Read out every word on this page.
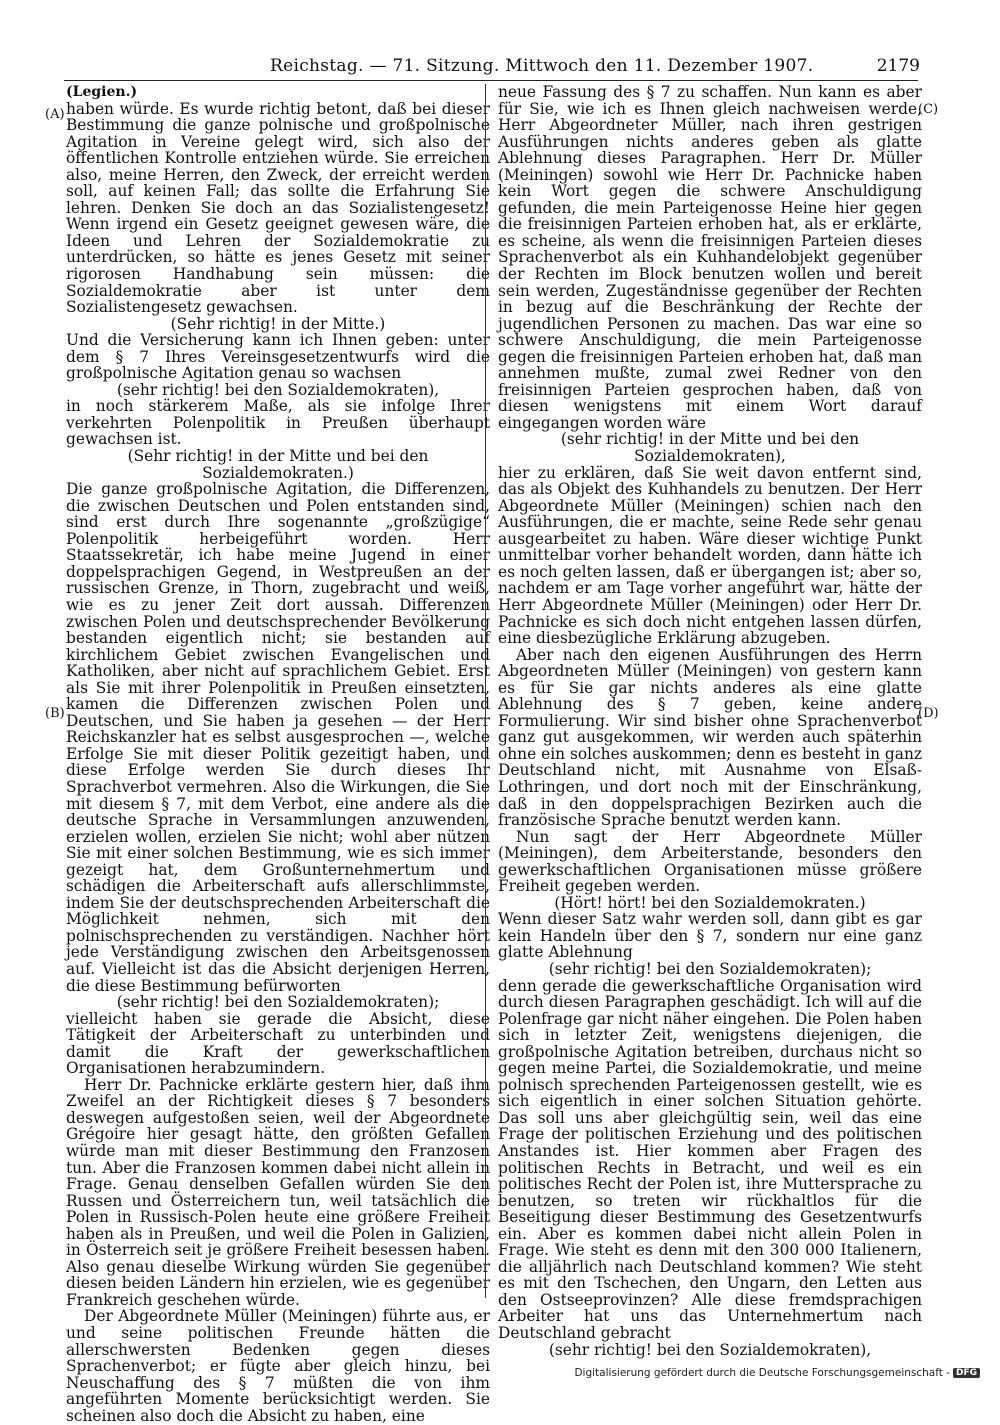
Reichstag. — 71. Sitzung. Mittwoch den 11. Dezember 1907.	2179
(A)
(B)
(C)
(D)

(Legien.)

haben würde. Es wurde richtig betont, daß bei dieser Bestimmung die ganze polnische und großpolnische Agitation in Vereine gelegt wird, sich also der öffentlichen Kontrolle entziehen würde. Sie erreichen also, meine Herren, den Zweck, der erreicht werden soll, auf keinen Fall; das sollte die Erfahrung Sie lehren. Denken Sie doch an das Sozialistengesetz! Wenn irgend ein Gesetz geeignet gewesen wäre, die Ideen und Lehren der Sozialdemokratie zu unterdrücken, so hätte es jenes Gesetz mit seiner rigorosen Handhabung sein müssen: die Sozialdemokratie aber ist unter dem Sozialistengesetz gewachsen.

(Sehr richtig! in der Mitte.)

Und die Versicherung kann ich Ihnen geben: unter dem § 7 Ihres Vereinsgesetzentwurfs wird die großpolnische Agitation genau so wachsen

(sehr richtig! bei den Sozialdemokraten),

in noch stärkerem Maße, als sie infolge Ihrer verkehrten Polenpolitik in Preußen überhaupt gewachsen ist.

(Sehr richtig! in der Mitte und bei den Sozialdemokraten.)

Die ganze großpolnische Agitation, die Differenzen, die zwischen Deutschen und Polen entstanden sind, sind erst durch Ihre sogenannte „großzügige“ Polenpolitik herbeigeführt worden. Herr Staatssekretär, ich habe meine Jugend in einer doppelsprachigen Gegend, in Westpreußen an der russischen Grenze, in Thorn, zugebracht und weiß, wie es zu jener Zeit dort aussah. Differenzen zwischen Polen und deutschsprechender Bevölkerung bestanden eigentlich nicht; sie bestanden auf kirchlichem Gebiet zwischen Evangelischen und Katholiken, aber nicht auf sprachlichem Gebiet. Erst als Sie mit ihrer Polenpolitik in Preußen einsetzten, kamen die Differenzen zwischen Polen und Deutschen, und Sie haben ja gesehen — der Herr Reichskanzler hat es selbst ausgesprochen —, welche Erfolge Sie mit dieser Politik gezeitigt haben, und diese Erfolge werden Sie durch dieses Ihr Sprachverbot vermehren. Also die Wirkungen, die Sie mit diesem § 7, mit dem Verbot, eine andere als die deutsche Sprache in Versammlungen anzuwenden, erzielen wollen, erzielen Sie nicht; wohl aber nützen Sie mit einer solchen Bestimmung, wie es sich immer gezeigt hat, dem Großunternehmertum und schädigen die Arbeiterschaft aufs allerschlimmste, indem Sie der deutschsprechenden Arbeiterschaft die Möglichkeit nehmen, sich mit den polnischsprechenden zu verständigen. Nachher hört jede Verständigung zwischen den Arbeitsgenossen auf. Vielleicht ist das die Absicht derjenigen Herren, die diese Bestimmung befürworten

(sehr richtig! bei den Sozialdemokraten);

vielleicht haben sie gerade die Absicht, diese Tätigkeit der Arbeiterschaft zu unterbinden und damit die Kraft der gewerkschaftlichen Organisationen herabzumindern.

Herr Dr. Pachnicke erklärte gestern hier, daß ihm Zweifel an der Richtigkeit dieses § 7 besonders deswegen aufgestoßen seien, weil der Abgeordnete Grégoire hier gesagt hätte, den größten Gefallen würde man mit dieser Bestimmung den Franzosen tun. Aber die Franzosen kommen dabei nicht allein in Frage. Genau denselben Gefallen würden Sie den Russen und Österreichern tun, weil tatsächlich die Polen in Russisch-Polen heute eine größere Freiheit haben als in Preußen, und weil die Polen in Galizien, in Österreich seit je größere Freiheit besessen haben. Also genau dieselbe Wirkung würden Sie gegenüber diesen beiden Ländern hin erzielen, wie es gegenüber Frankreich geschehen würde.

Der Abgeordnete Müller (Meiningen) führte aus, er und seine politischen Freunde hätten die allerschwersten Bedenken gegen dieses Sprachenverbot; er fügte aber gleich hinzu, bei Neuschaffung des § 7 müßten die von ihm angeführten Momente berücksichtigt werden. Sie scheinen also doch die Absicht zu haben, eine

neue Fassung des § 7 zu schaffen. Nun kann es aber für Sie, wie ich es Ihnen gleich nachweisen werde, Herr Abgeordneter Müller, nach ihren gestrigen Ausführungen nichts anderes geben als glatte Ablehnung dieses Paragraphen. Herr Dr. Müller (Meiningen) sowohl wie Herr Dr. Pachnicke haben kein Wort gegen die schwere Anschuldigung gefunden, die mein Parteigenosse Heine hier gegen die freisinnigen Parteien erhoben hat, als er erklärte, es scheine, als wenn die freisinnigen Parteien dieses Sprachenverbot als ein Kuhhandelobjekt gegenüber der Rechten im Block benutzen wollen und bereit sein werden, Zugeständnisse gegenüber der Rechten in bezug auf die Beschränkung der Rechte der jugendlichen Personen zu machen. Das war eine so schwere Anschuldigung, die mein Parteigenosse gegen die freisinnigen Parteien erhoben hat, daß man annehmen mußte, zumal zwei Redner von den freisinnigen Parteien gesprochen haben, daß von diesen wenigstens mit einem Wort darauf eingegangen worden wäre

(sehr richtig! in der Mitte und bei den Sozialdemokraten),

hier zu erklären, daß Sie weit davon entfernt sind, das als Objekt des Kuhhandels zu benutzen. Der Herr Abgeordnete Müller (Meiningen) schien nach den Ausführungen, die er machte, seine Rede sehr genau ausgearbeitet zu haben. Wäre dieser wichtige Punkt unmittelbar vorher behandelt worden, dann hätte ich es noch gelten lassen, daß er übergangen ist; aber so, nachdem er am Tage vorher angeführt war, hätte der Herr Abgeordnete Müller (Meiningen) oder Herr Dr. Pachnicke es sich doch nicht entgehen lassen dürfen, eine diesbezügliche Erklärung abzugeben.

Aber nach den eigenen Ausführungen des Herrn Abgeordneten Müller (Meiningen) von gestern kann es für Sie gar nichts anderes als eine glatte Ablehnung des § 7 geben, keine andere Formulierung. Wir sind bisher ohne Sprachenverbot ganz gut ausgekommen, wir werden auch späterhin ohne ein solches auskommen; denn es besteht in ganz Deutschland nicht, mit Ausnahme von Elsaß-Lothringen, und dort noch mit der Einschränkung, daß in den doppelsprachigen Bezirken auch die französische Sprache benutzt werden kann.

Nun sagt der Herr Abgeordnete Müller (Meiningen), dem Arbeiterstande, besonders den gewerkschaftlichen Organisationen müsse größere Freiheit gegeben werden.

(Hört! hört! bei den Sozialdemokraten.)

Wenn dieser Satz wahr werden soll, dann gibt es gar kein Handeln über den § 7, sondern nur eine ganz glatte Ablehnung

(sehr richtig! bei den Sozialdemokraten);

denn gerade die gewerkschaftliche Organisation wird durch diesen Paragraphen geschädigt. Ich will auf die Polenfrage gar nicht näher eingehen. Die Polen haben sich in letzter Zeit, wenigstens diejenigen, die großpolnische Agitation betreiben, durchaus nicht so gegen meine Partei, die Sozialdemokratie, und meine polnisch sprechenden Parteigenossen gestellt, wie es sich eigentlich in einer solchen Situation gehörte. Das soll uns aber gleichgültig sein, weil das eine Frage der politischen Erziehung und des politischen Anstandes ist. Hier kommen aber Fragen des politischen Rechts in Betracht, und weil es ein politisches Recht der Polen ist, ihre Muttersprache zu benutzen, so treten wir rückhaltlos für die Beseitigung dieser Bestimmung des Gesetzentwurfs ein. Aber es kommen dabei nicht allein Polen in Frage. Wie steht es denn mit den 300 000 Italienern, die alljährlich nach Deutschland kommen? Wie steht es mit den Tschechen, den Ungarn, den Letten aus den Ostseeprovinzen? Alle diese fremdsprachigen Arbeiter hat uns das Unternehmertum nach Deutschland gebracht

(sehr richtig! bei den Sozialdemokraten),

Digitalisierung gefördert durch die Deutsche Forschungsgemeinschaft - DFG
